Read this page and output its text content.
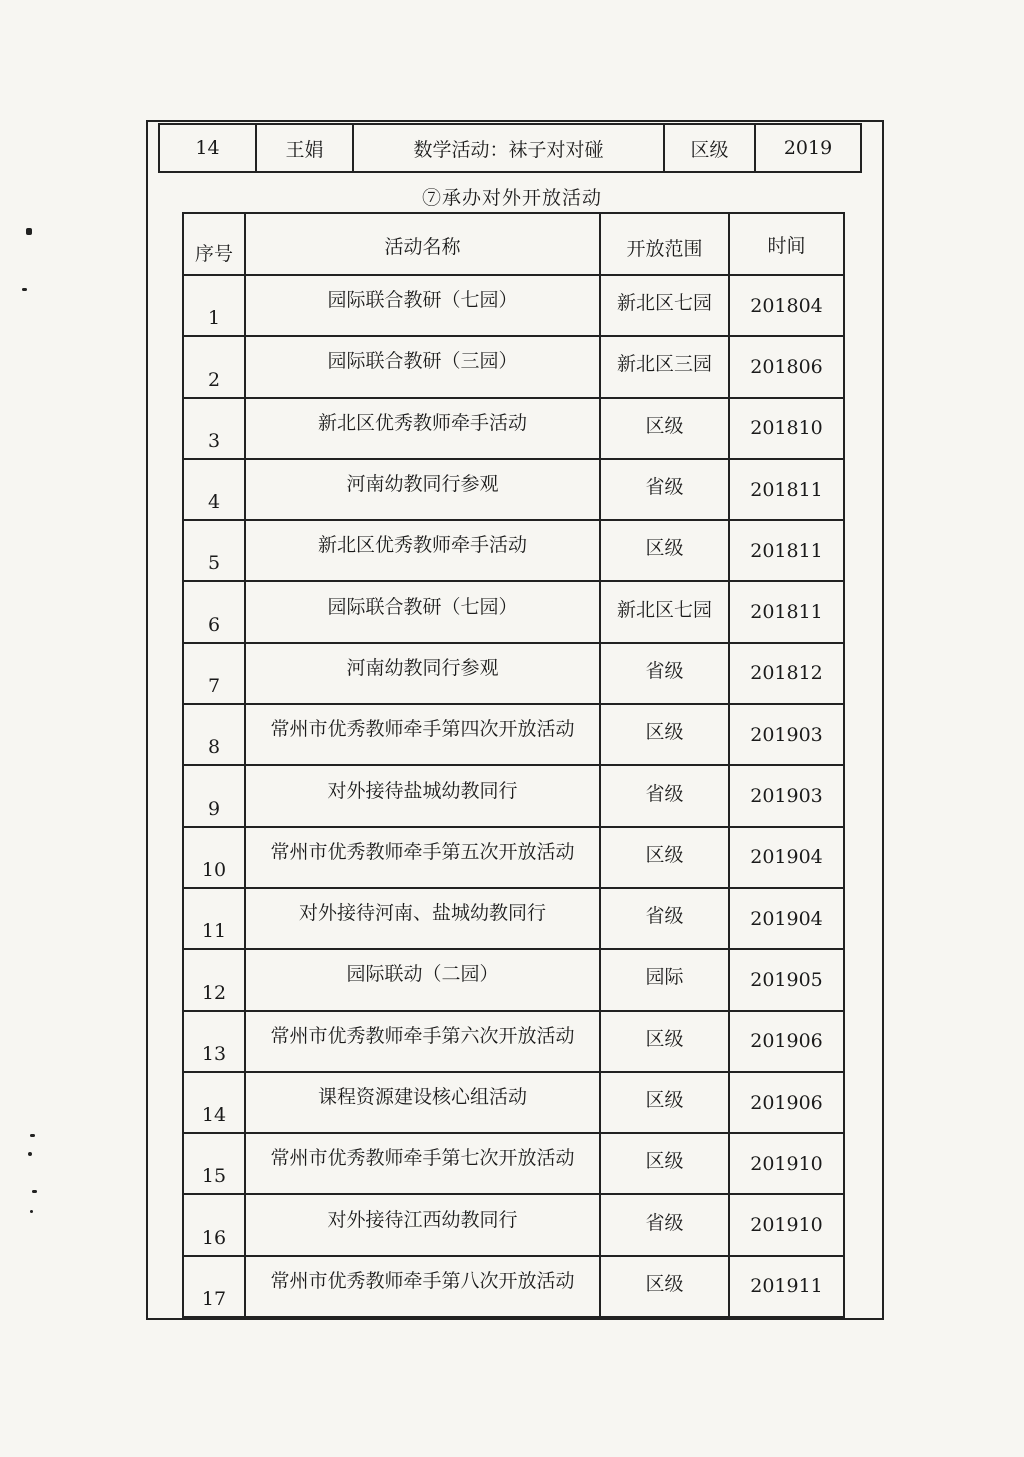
14	王娟	数学活动：袜子对对碰	区级	2019
⑦承办对外开放活动
序号	活动名称	开放范围	时间
1	园际联合教研（七园）	新北区七园	201804
2	园际联合教研（三园）	新北区三园	201806
3	新北区优秀教师牵手活动	区级	201810
4	河南幼教同行参观	省级	201811
5	新北区优秀教师牵手活动	区级	201811
6	园际联合教研（七园）	新北区七园	201811
7	河南幼教同行参观	省级	201812
8	常州市优秀教师牵手第四次开放活动	区级	201903
9	对外接待盐城幼教同行	省级	201903
10	常州市优秀教师牵手第五次开放活动	区级	201904
11	对外接待河南、盐城幼教同行	省级	201904
12	园际联动（二园）	园际	201905
13	常州市优秀教师牵手第六次开放活动	区级	201906
14	课程资源建设核心组活动	区级	201906
15	常州市优秀教师牵手第七次开放活动	区级	201910
16	对外接待江西幼教同行	省级	201910
17	常州市优秀教师牵手第八次开放活动	区级	201911
